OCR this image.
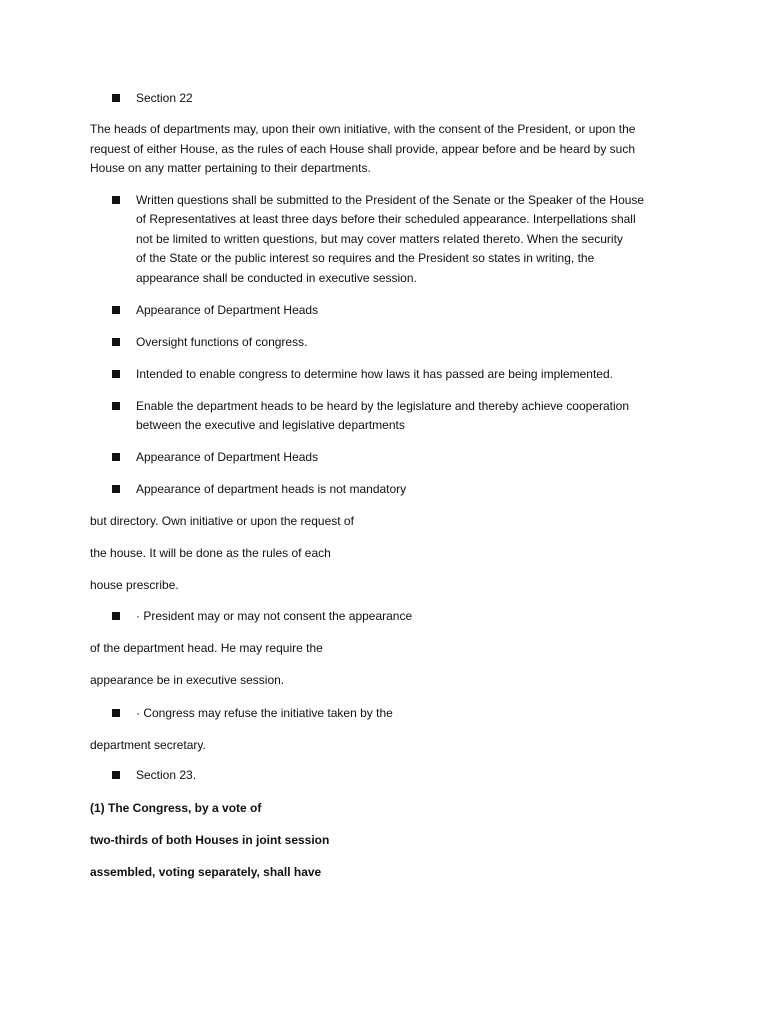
Section 22
The heads of departments may, upon their own initiative, with the consent of the President, or upon the
request of either House, as the rules of each House shall provide, appear before and be heard by such
House on any matter pertaining to their departments.
Written questions shall be submitted to the President of the Senate or the Speaker of the House
of Representatives at least three days before their scheduled appearance. Interpellations shall
not be limited to written questions, but may cover matters related thereto. When the security
of the State or the public interest so requires and the President so states in writing, the
appearance shall be conducted in executive session.
Appearance of Department Heads
Oversight functions of congress.
Intended to enable congress to determine how laws it has passed are being implemented.
Enable the department heads to be heard by the legislature and thereby achieve cooperation
between the executive and legislative departments
Appearance of Department Heads
Appearance of department heads is not mandatory
but directory. Own initiative or upon the request of
the house. It will be done as the rules of each
house prescribe.
· President may or may not consent the appearance
of the department head. He may require the
appearance be in executive session.
· Congress may refuse the initiative taken by the
department secretary.
Section 23.
(1) The Congress, by a vote of
two-thirds of both Houses in joint session
assembled, voting separately, shall have
